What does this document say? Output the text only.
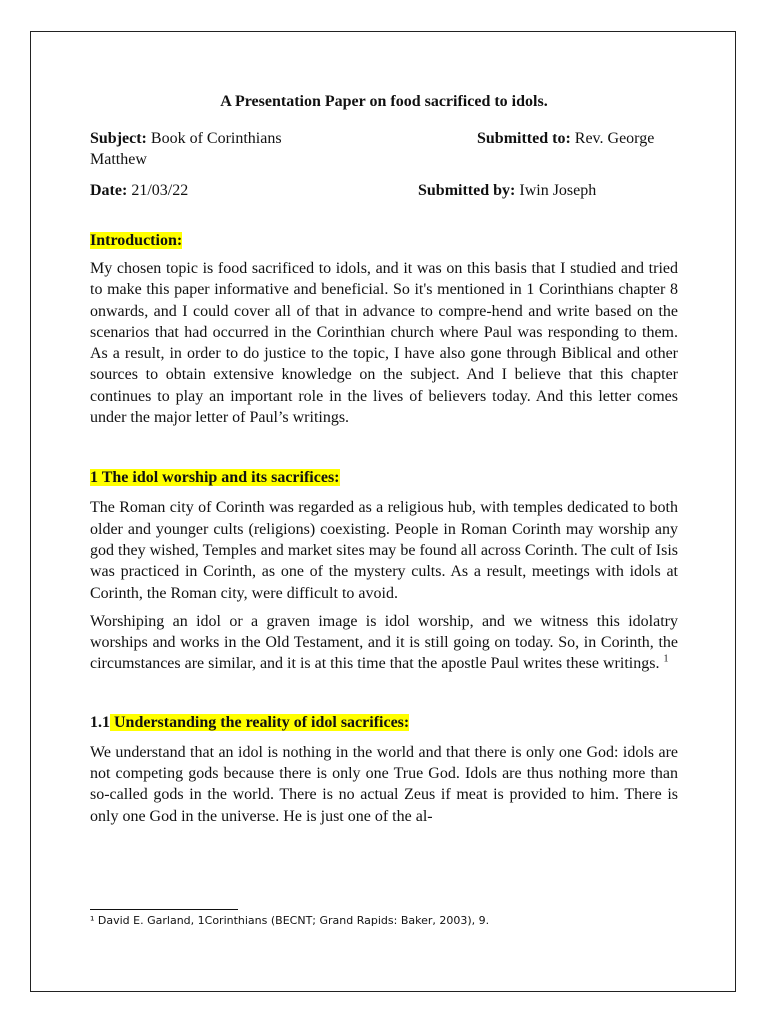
A Presentation Paper on food sacrificed to idols.

Subject: Book of Corinthians	Submitted to: Rev. George
Matthew
Date: 21/03/22	Submitted by: Iwin Joseph

Introduction:

My chosen topic is food sacrificed to idols, and it was on this basis that I studied and tried to make this paper informative and beneficial. So it's mentioned in 1 Corinthians chapter 8 onwards, and I could cover all of that in advance to compre-hend and write based on the scenarios that had occurred in the Corinthian church where Paul was responding to them. As a result, in order to do justice to the topic, I have also gone through Biblical and other sources to obtain extensive knowledge on the subject. And I believe that this chapter continues to play an important role in the lives of believers today. And this letter comes under the major letter of Paul’s writings.

1 The idol worship and its sacrifices:

The Roman city of Corinth was regarded as a religious hub, with temples dedicated to both older and younger cults (religions) coexisting. People in Roman Corinth may worship any god they wished, Temples and market sites may be found all across Corinth. The cult of Isis was practiced in Corinth, as one of the mystery cults. As a result, meetings with idols at Corinth, the Roman city, were difficult to avoid.

Worshiping an idol or a graven image is idol worship, and we witness this idolatry worships and works in the Old Testament, and it is still going on today. So, in Corinth, the circumstances are similar, and it is at this time that the apostle Paul writes these writings. $^1$

1.1 Understanding the reality of idol sacrifices:

We understand that an idol is nothing in the world and that there is only one God: idols are not competing gods because there is only one True God. Idols are thus nothing more than so-called gods in the world. There is no actual Zeus if meat is provided to him. There is only one God in the universe. He is just one of the al-

¹ David E. Garland, 1Corinthians (BECNT; Grand Rapids: Baker, 2003), 9.
